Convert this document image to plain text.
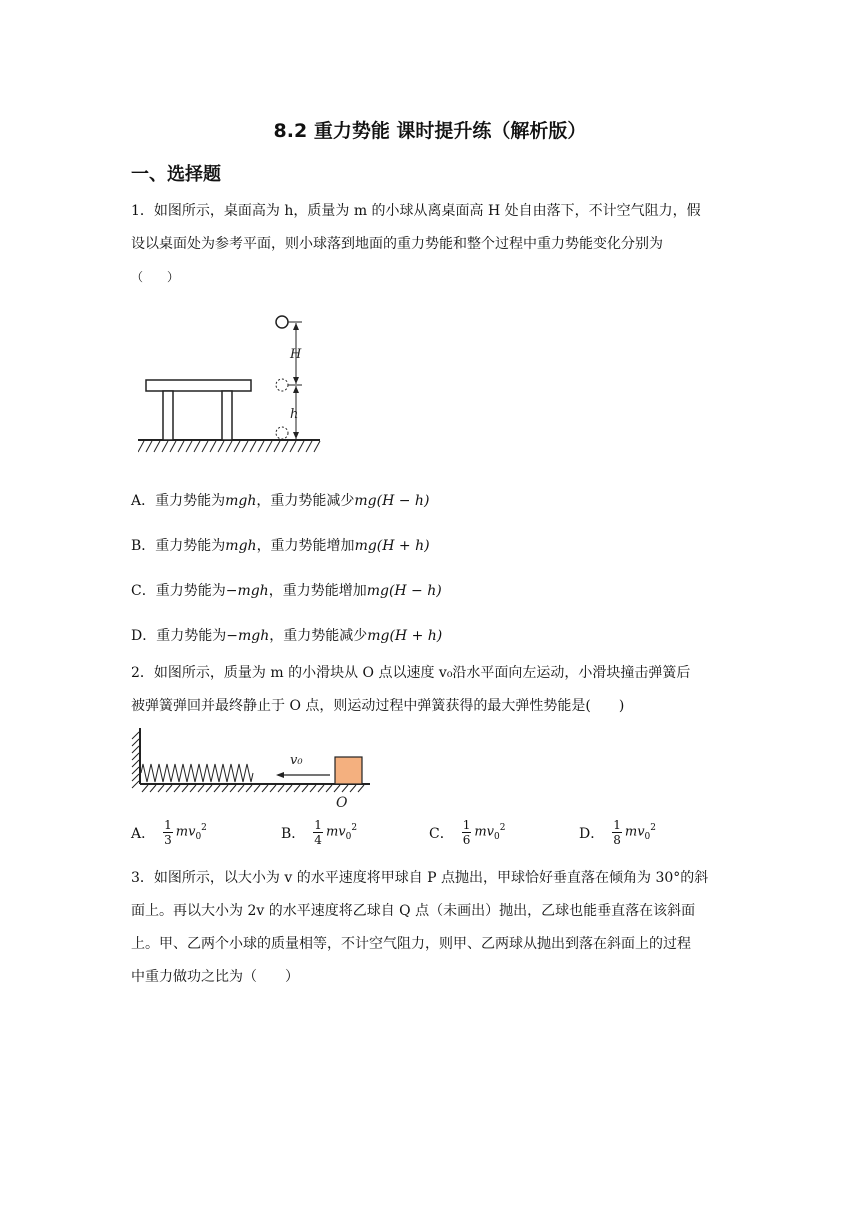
8.2 重力势能 课时提升练（解析版）
一、选择题
1．如图所示，桌面高为 h，质量为 m 的小球从离桌面高 H 处自由落下，不计空气阻力，假
设以桌面处为参考平面，则小球落到地面的重力势能和整个过程中重力势能变化分别为
（　　）
H
h
A．重力势能为mgh，重力势能减少mg(H − h)
B．重力势能为mgh，重力势能增加mg(H + h)
C．重力势能为−mgh，重力势能增加mg(H − h)
D．重力势能为−mgh，重力势能减少mg(H + h)
2．如图所示，质量为 m 的小滑块从 O 点以速度 v₀沿水平面向左运动，小滑块撞击弹簧后
被弹簧弹回并最终静止于 O 点，则运动过程中弹簧获得的最大弹性势能是(　　)
v₀
O
A． $\frac{1}{3} mv_0^2$	B． $\frac{1}{4} mv_0^2$	C． $\frac{1}{6} mv_0^2$	D． $\frac{1}{8} mv_0^2$
3．如图所示，以大小为 v 的水平速度将甲球自 P 点抛出，甲球恰好垂直落在倾角为 30°的斜
面上。再以大小为 2v 的水平速度将乙球自 Q 点（未画出）抛出，乙球也能垂直落在该斜面
上。甲、乙两个小球的质量相等，不计空气阻力，则甲、乙两球从抛出到落在斜面上的过程
中重力做功之比为（　　）
